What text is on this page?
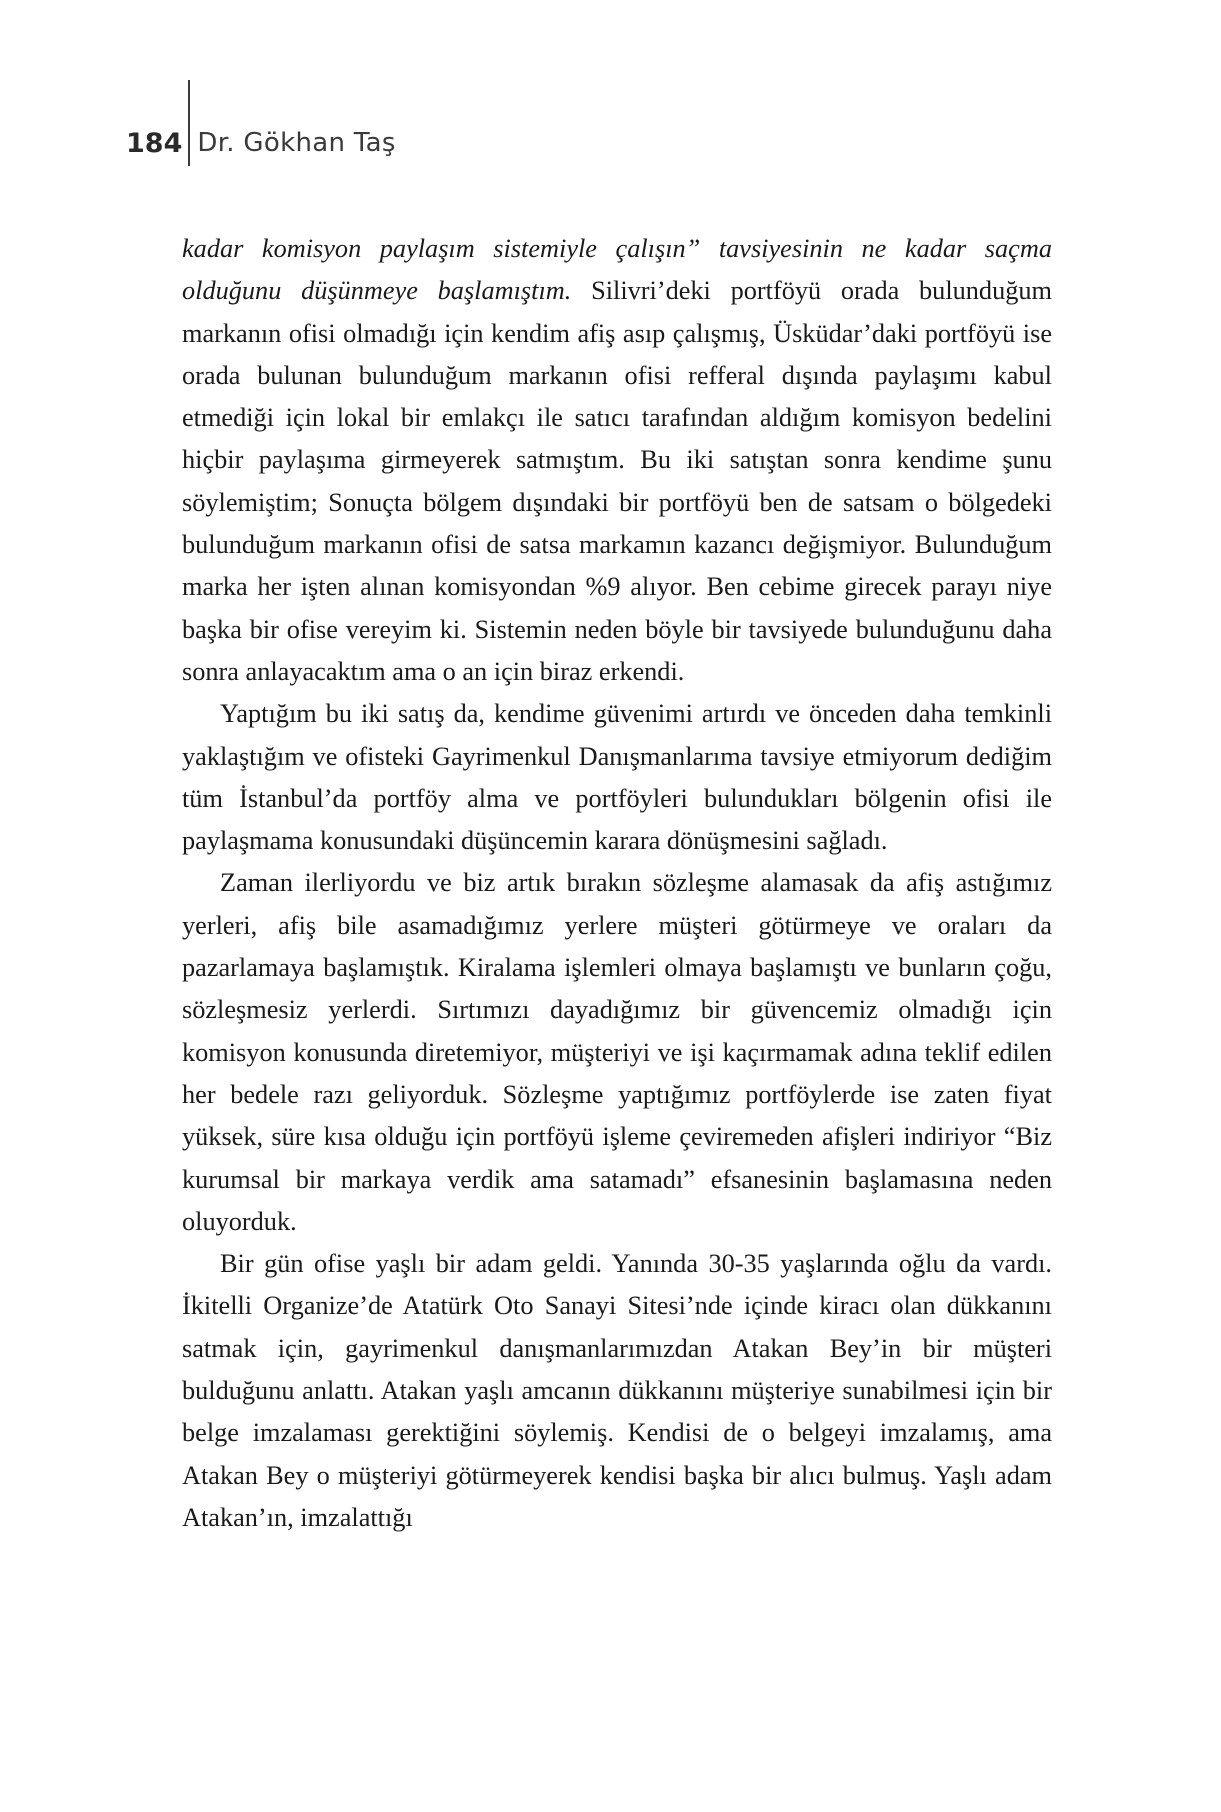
184 Dr. Gökhan Taş

kadar komisyon paylaşım sistemiyle çalışın” tavsiyesinin ne kadar saçma olduğunu düşünmeye başlamıştım. Silivri’deki portföyü orada bulunduğum markanın ofisi olmadığı için kendim afiş asıp çalışmış, Üsküdar’daki portföyü ise orada bulunan bulunduğum markanın ofisi refferal dışında paylaşımı kabul etmediği için lokal bir emlakçı ile satıcı tarafından aldığım komisyon bedelini hiçbir paylaşıma girmeyerek satmıştım. Bu iki satıştan sonra kendime şunu söylemiştim; Sonuçta bölgem dışındaki bir portföyü ben de satsam o bölgedeki bulunduğum markanın ofisi de satsa markamın kazancı değişmiyor. Bulunduğum marka her işten alınan komisyondan %9 alıyor. Ben cebime girecek parayı niye başka bir ofise vereyim ki. Sistemin neden böyle bir tavsiyede bulunduğunu daha sonra anlayacaktım ama o an için biraz erkendi.

Yaptığım bu iki satış da, kendime güvenimi artırdı ve önceden daha temkinli yaklaştığım ve ofisteki Gayrimenkul Danışmanlarıma tavsiye etmiyorum dediğim tüm İstanbul’da portföy alma ve portföyleri bulundukları bölgenin ofisi ile paylaşmama konusundaki düşüncemin karara dönüşmesini sağladı.

Zaman ilerliyordu ve biz artık bırakın sözleşme alamasak da afiş astığımız yerleri, afiş bile asamadığımız yerlere müşteri götürmeye ve oraları da pazarlamaya başlamıştık. Kiralama işlemleri olmaya başlamıştı ve bunların çoğu, sözleşmesiz yerlerdi. Sırtımızı dayadığımız bir güvencemiz olmadığı için komisyon konusunda diretemiyor, müşteriyi ve işi kaçırmamak adına teklif edilen her bedele razı geliyorduk. Sözleşme yaptığımız portföylerde ise zaten fiyat yüksek, süre kısa olduğu için portföyü işleme çeviremeden afişleri indiriyor “Biz kurumsal bir markaya verdik ama satamadı” efsanesinin başlamasına neden oluyorduk.

Bir gün ofise yaşlı bir adam geldi. Yanında 30-35 yaşlarında oğlu da vardı. İkitelli Organize’de Atatürk Oto Sanayi Sitesi’nde içinde kiracı olan dükkanını satmak için, gayrimenkul danışmanlarımızdan Atakan Bey’in bir müşteri bulduğunu anlattı. Atakan yaşlı amcanın dükkanını müşteriye sunabilmesi için bir belge imzalaması gerektiğini söylemiş. Kendisi de o belgeyi imzalamış, ama Atakan Bey o müşteriyi götürmeyerek kendisi başka bir alıcı bulmuş. Yaşlı adam Atakan’ın, imzalattığı
